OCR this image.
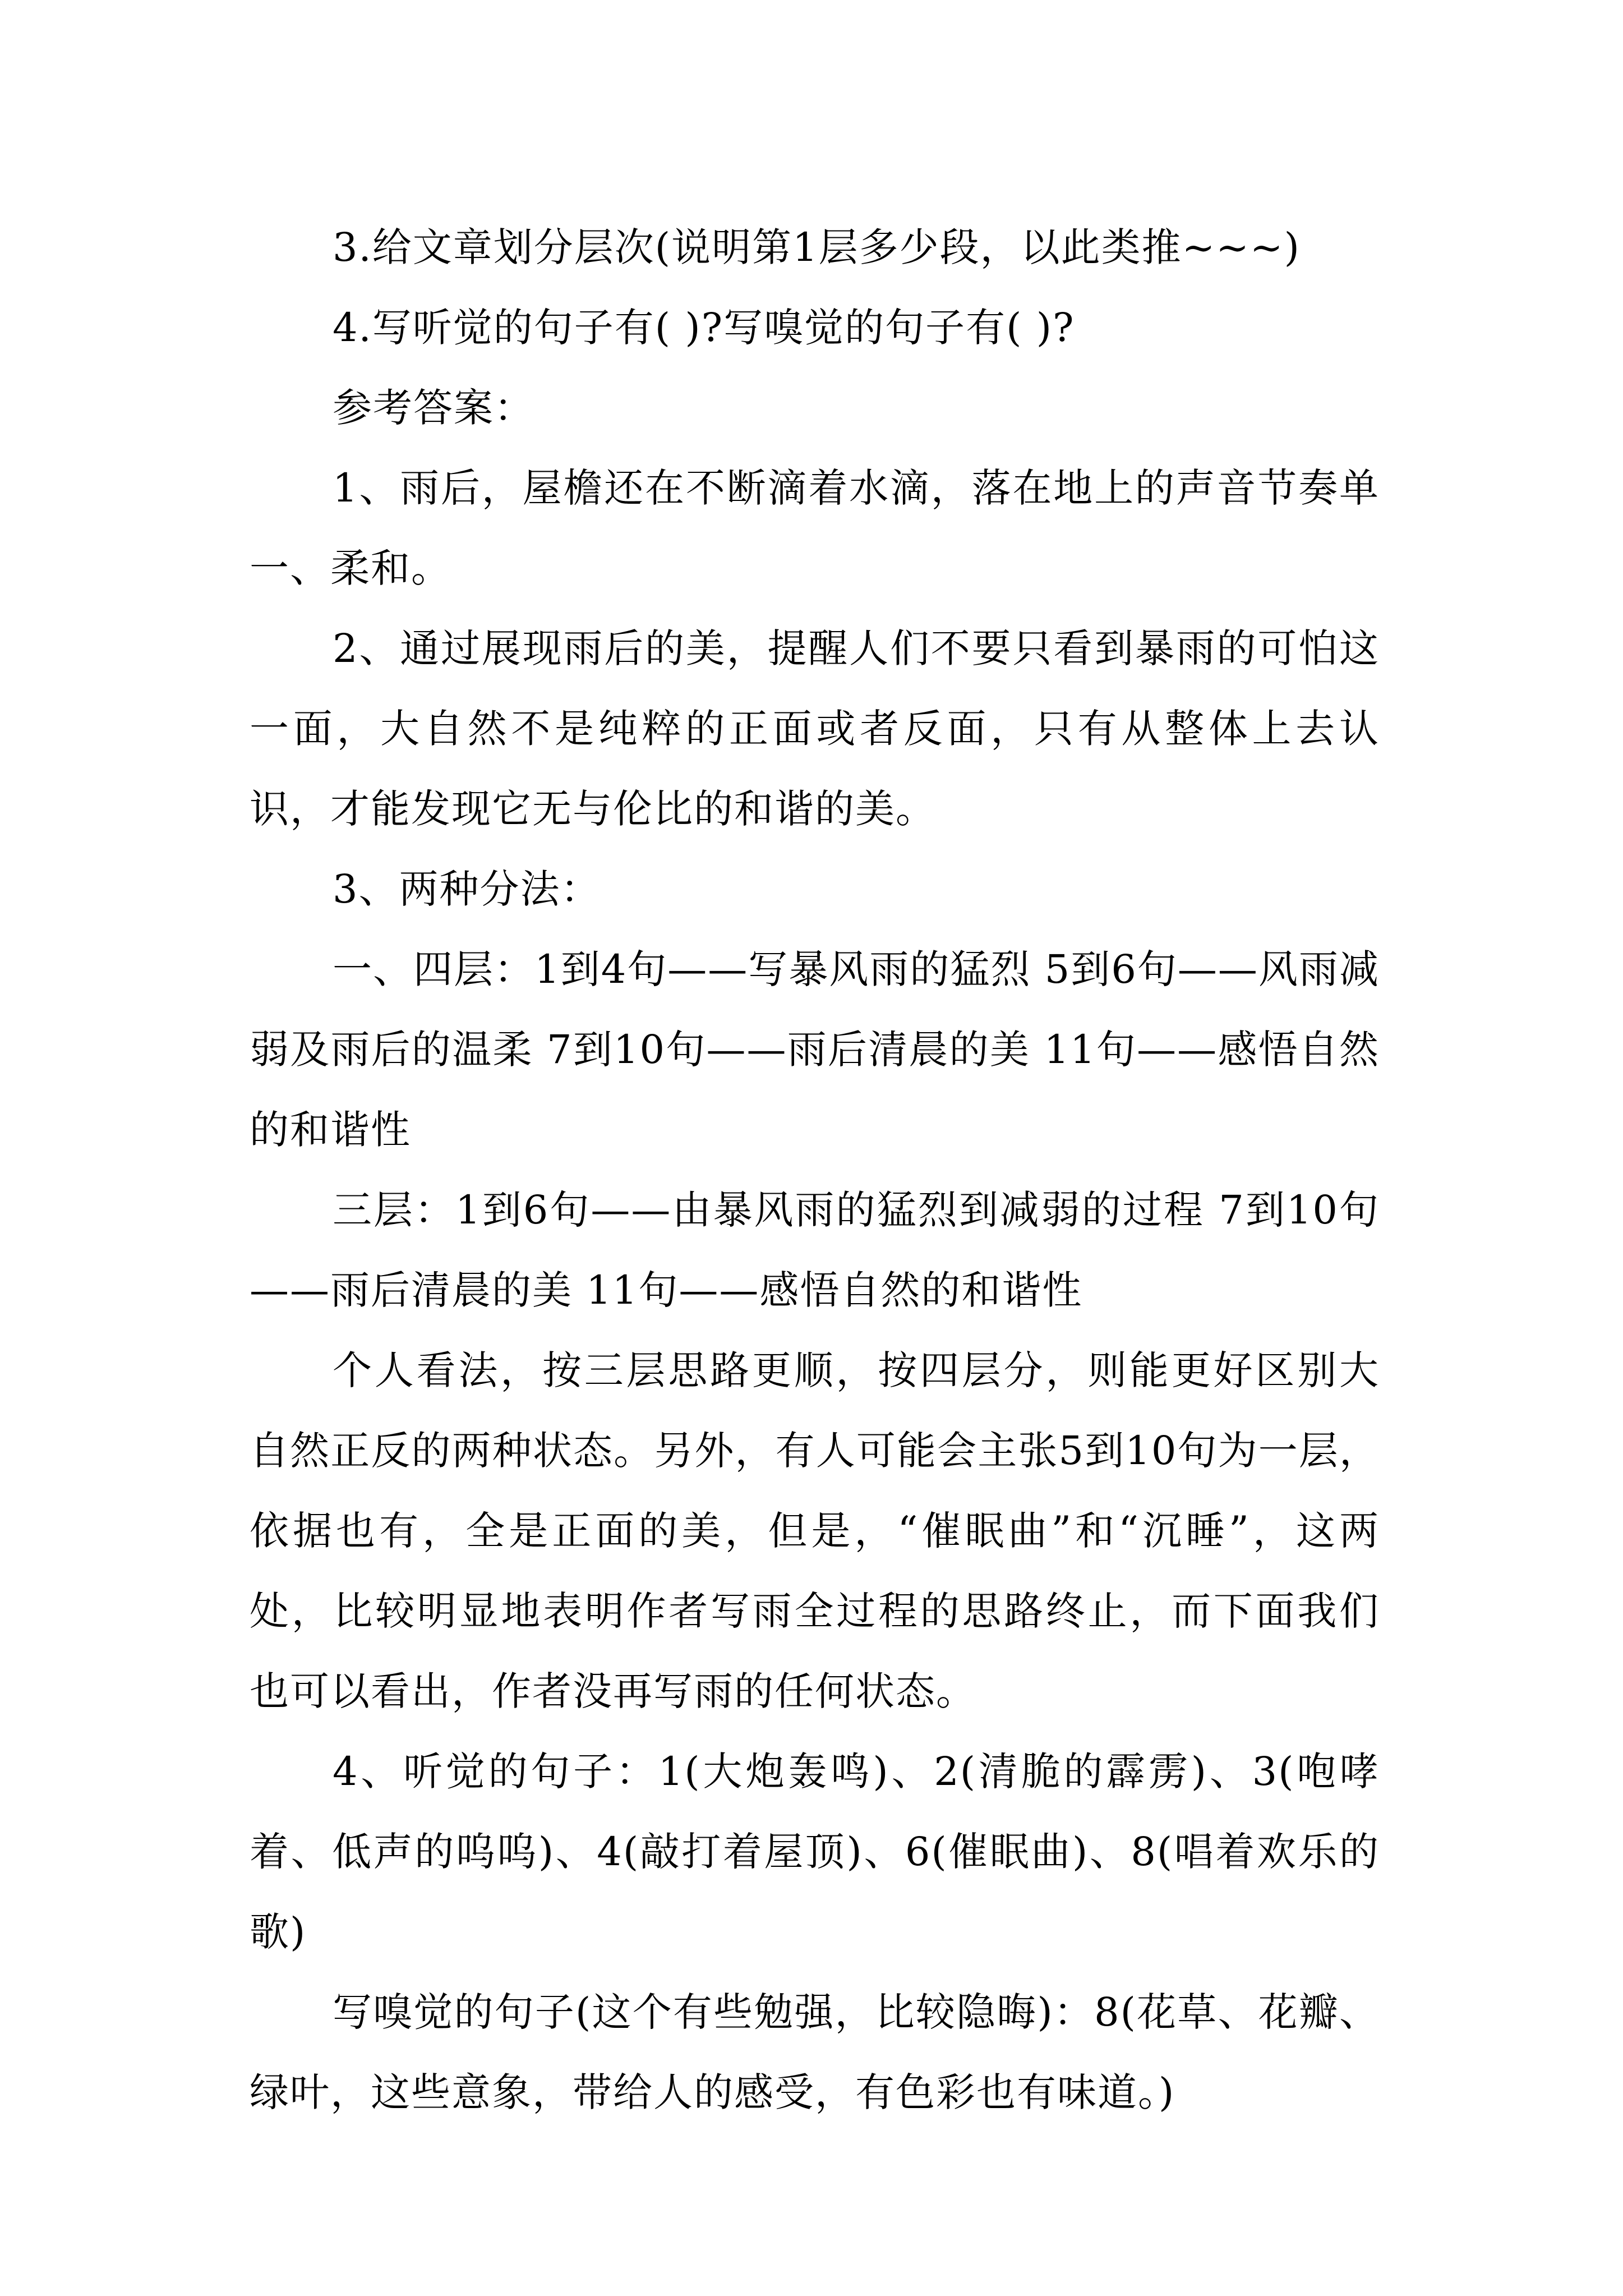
3.给文章划分层次(说明第1层多少段，以此类推~~~)

4.写听觉的句子有( )?写嗅觉的句子有( )?

参考答案：

1、雨后，屋檐还在不断滴着水滴，落在地上的声音节奏单一、柔和。

2、通过展现雨后的美，提醒人们不要只看到暴雨的可怕这一面，大自然不是纯粹的正面或者反面，只有从整体上去认识，才能发现它无与伦比的和谐的美。

3、两种分法：

一、四层：1到4句——写暴风雨的猛烈 5到6句——风雨减弱及雨后的温柔 7到10句——雨后清晨的美 11句——感悟自然的和谐性

三层：1到6句——由暴风雨的猛烈到减弱的过程 7到10句——雨后清晨的美 11句——感悟自然的和谐性

个人看法，按三层思路更顺，按四层分，则能更好区别大自然正反的两种状态。另外，有人可能会主张5到10句为一层，依据也有，全是正面的美，但是，“催眠曲”和“沉睡”，这两处，比较明显地表明作者写雨全过程的思路终止，而下面我们也可以看出，作者没再写雨的任何状态。

4、听觉的句子：1(大炮轰鸣)、2(清脆的霹雳)、3(咆哮着、低声的呜呜)、4(敲打着屋顶)、6(催眠曲)、8(唱着欢乐的歌)

写嗅觉的句子(这个有些勉强，比较隐晦)：8(花草、花瓣、绿叶，这些意象，带给人的感受，有色彩也有味道。)
